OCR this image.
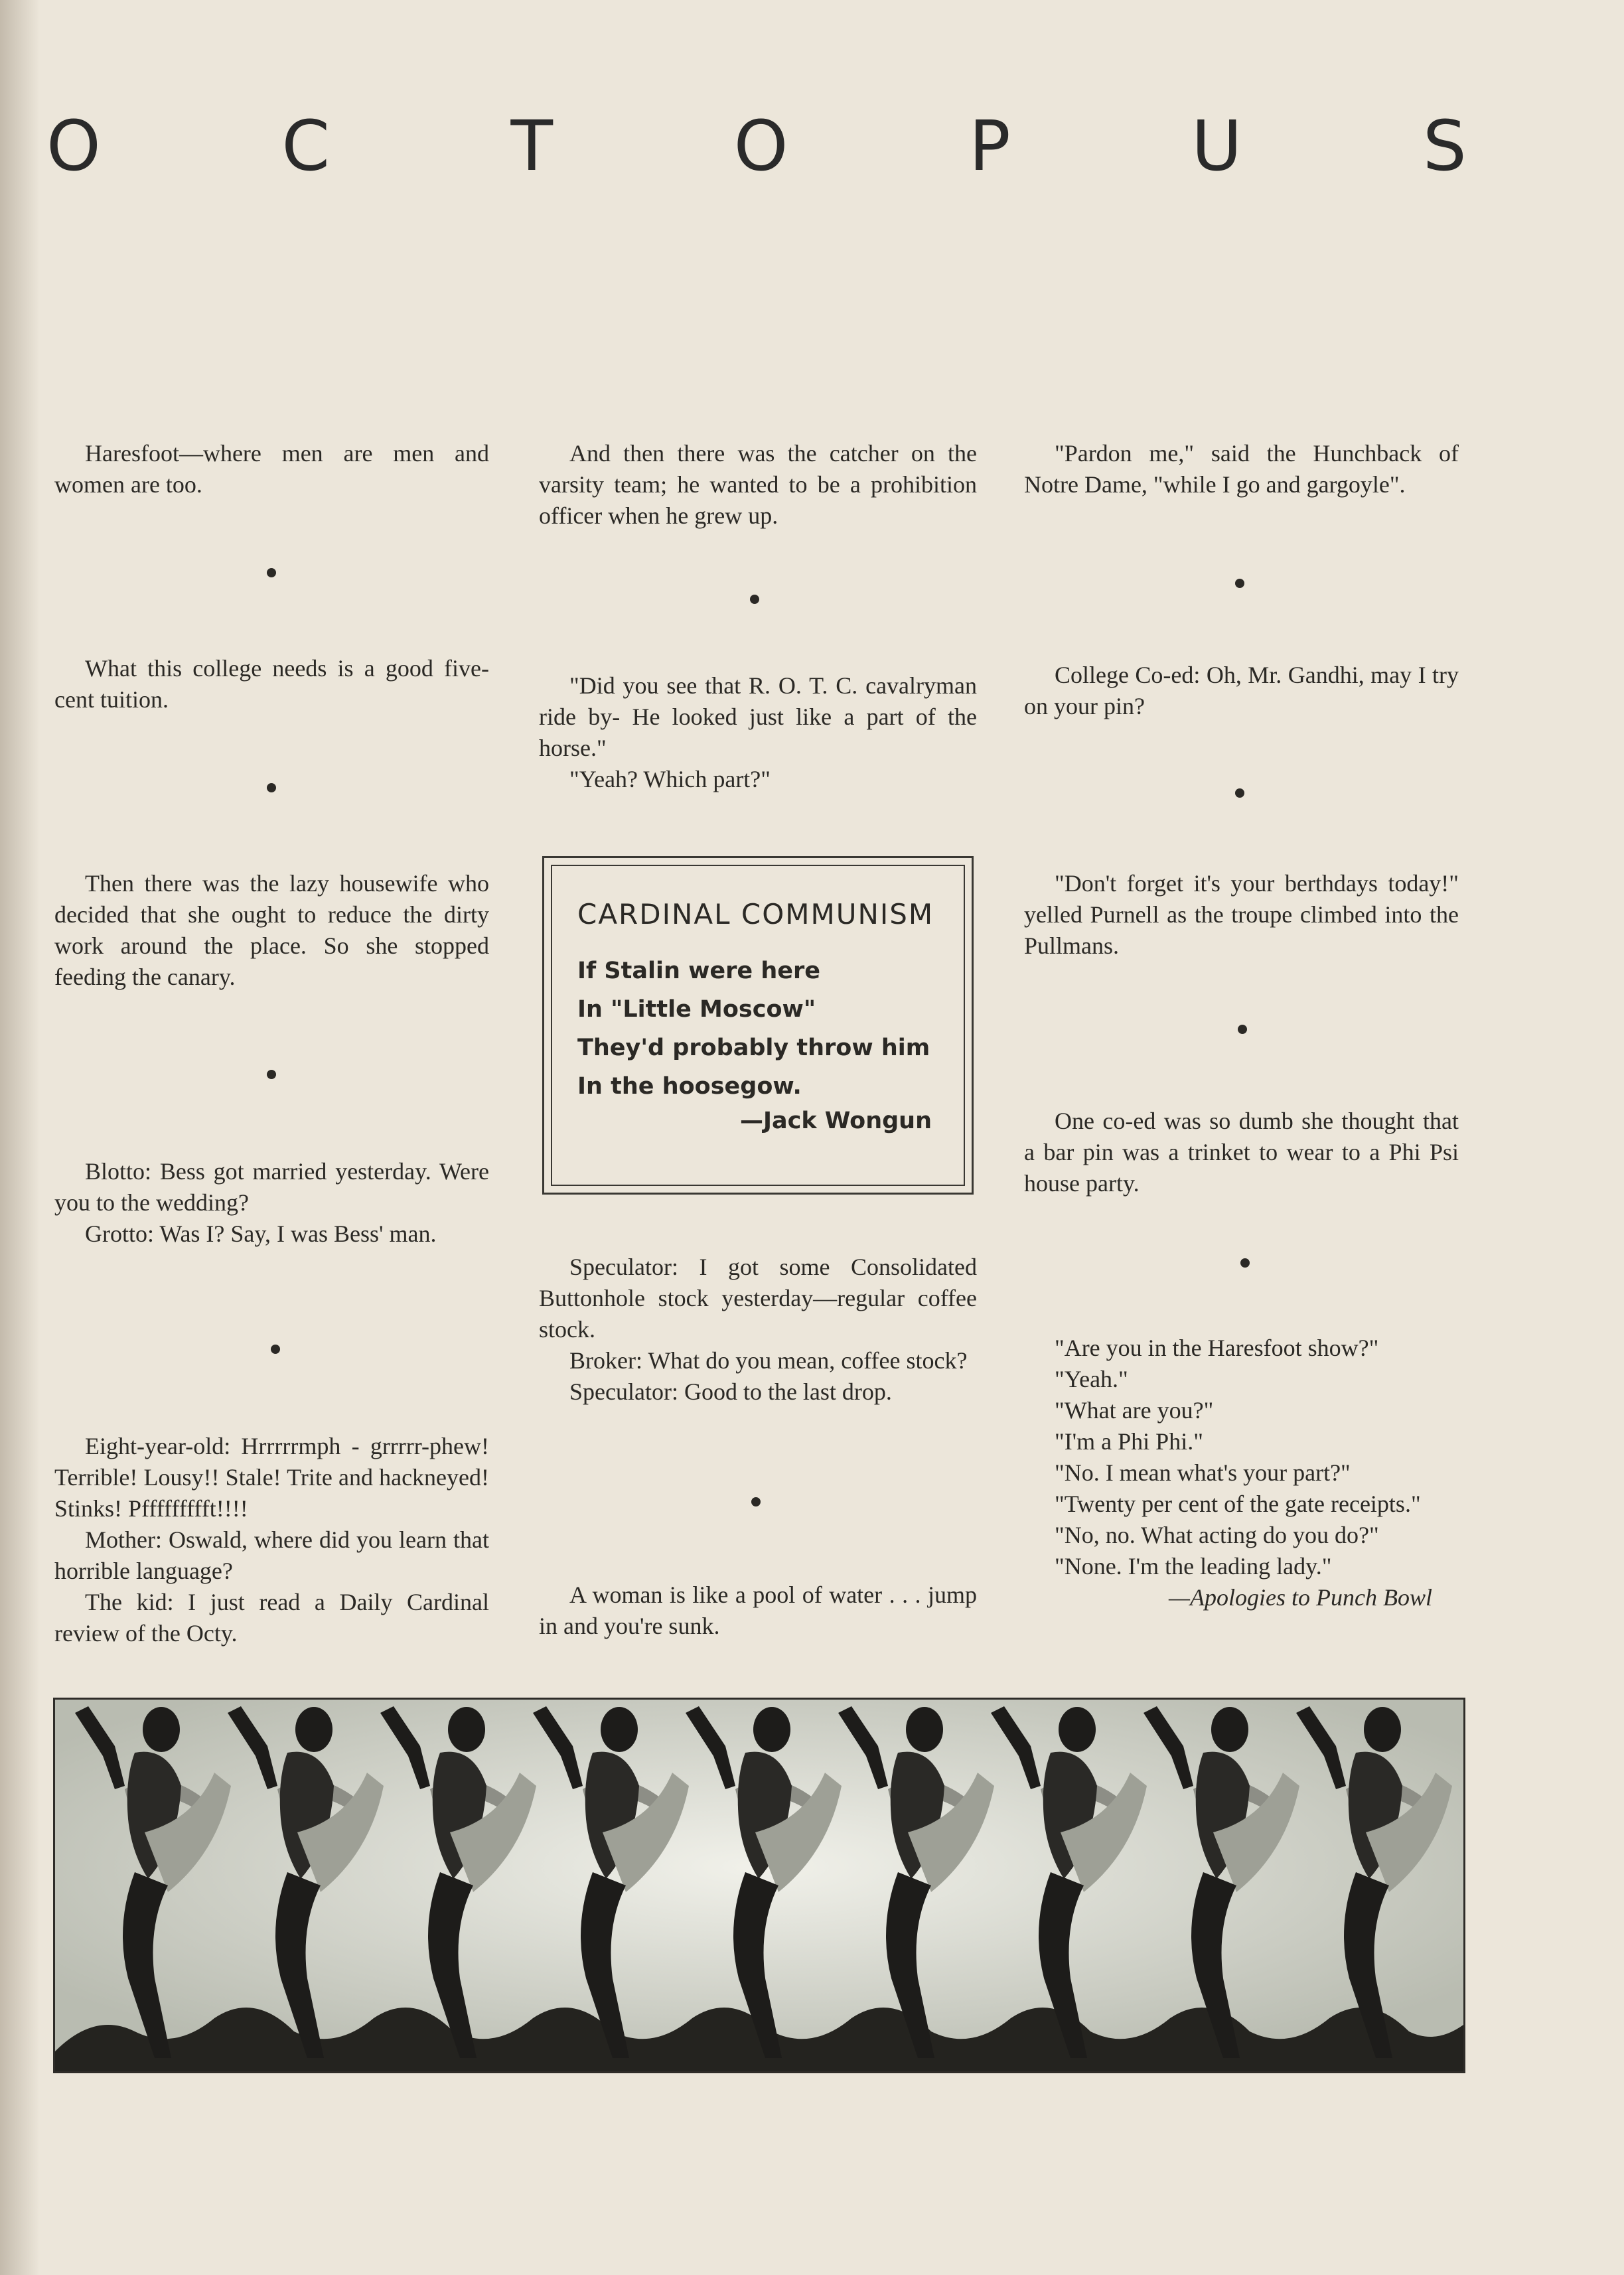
O	C	T	O	P	U	S

Haresfoot—where men are men and women are too.

What this college needs is a good five-cent tuition.

Then there was the lazy housewife who decided that she ought to reduce the dirty work around the place. So she stopped feeding the canary.

Blotto: Bess got married yesterday. Were you to the wedding?

Grotto: Was I? Say, I was Bess' man.

Eight-year-old: Hrrrrrmph - grrrrr-phew! Terrible! Lousy!! Stale! Trite and hackneyed! Stinks! Pffffffffft!!!!

Mother: Oswald, where did you learn that horrible language?

The kid: I just read a Daily Cardinal review of the Octy.

And then there was the catcher on the varsity team; he wanted to be a prohibition officer when he grew up.

"Did you see that R. O. T. C. cavalryman ride by- He looked just like a part of the horse."

"Yeah? Which part?"

Speculator: I got some Consolidated Buttonhole stock yesterday—regular coffee stock.

Broker: What do you mean, coffee stock?

Speculator: Good to the last drop.

A woman is like a pool of water . . . jump in and you're sunk.

CARDINAL COMMUNISM
If Stalin were here
In "Little Moscow"
They'd probably throw him
In the hoosegow.
—Jack Wongun

"Pardon me," said the Hunchback of Notre Dame, "while I go and gargoyle".

College Co-ed: Oh, Mr. Gandhi, may I try on your pin?

"Don't forget it's your berthdays today!" yelled Purnell as the troupe climbed into the Pullmans.

One co-ed was so dumb she thought that a bar pin was a trinket to wear to a Phi Psi house party.

"Are you in the Haresfoot show?"

"Yeah."

"What are you?"

"I'm a Phi Phi."

"No. I mean what's your part?"

"Twenty per cent of the gate receipts."

"No, no. What acting do you do?"

"None. I'm the leading lady."

—Apologies to Punch Bowl
